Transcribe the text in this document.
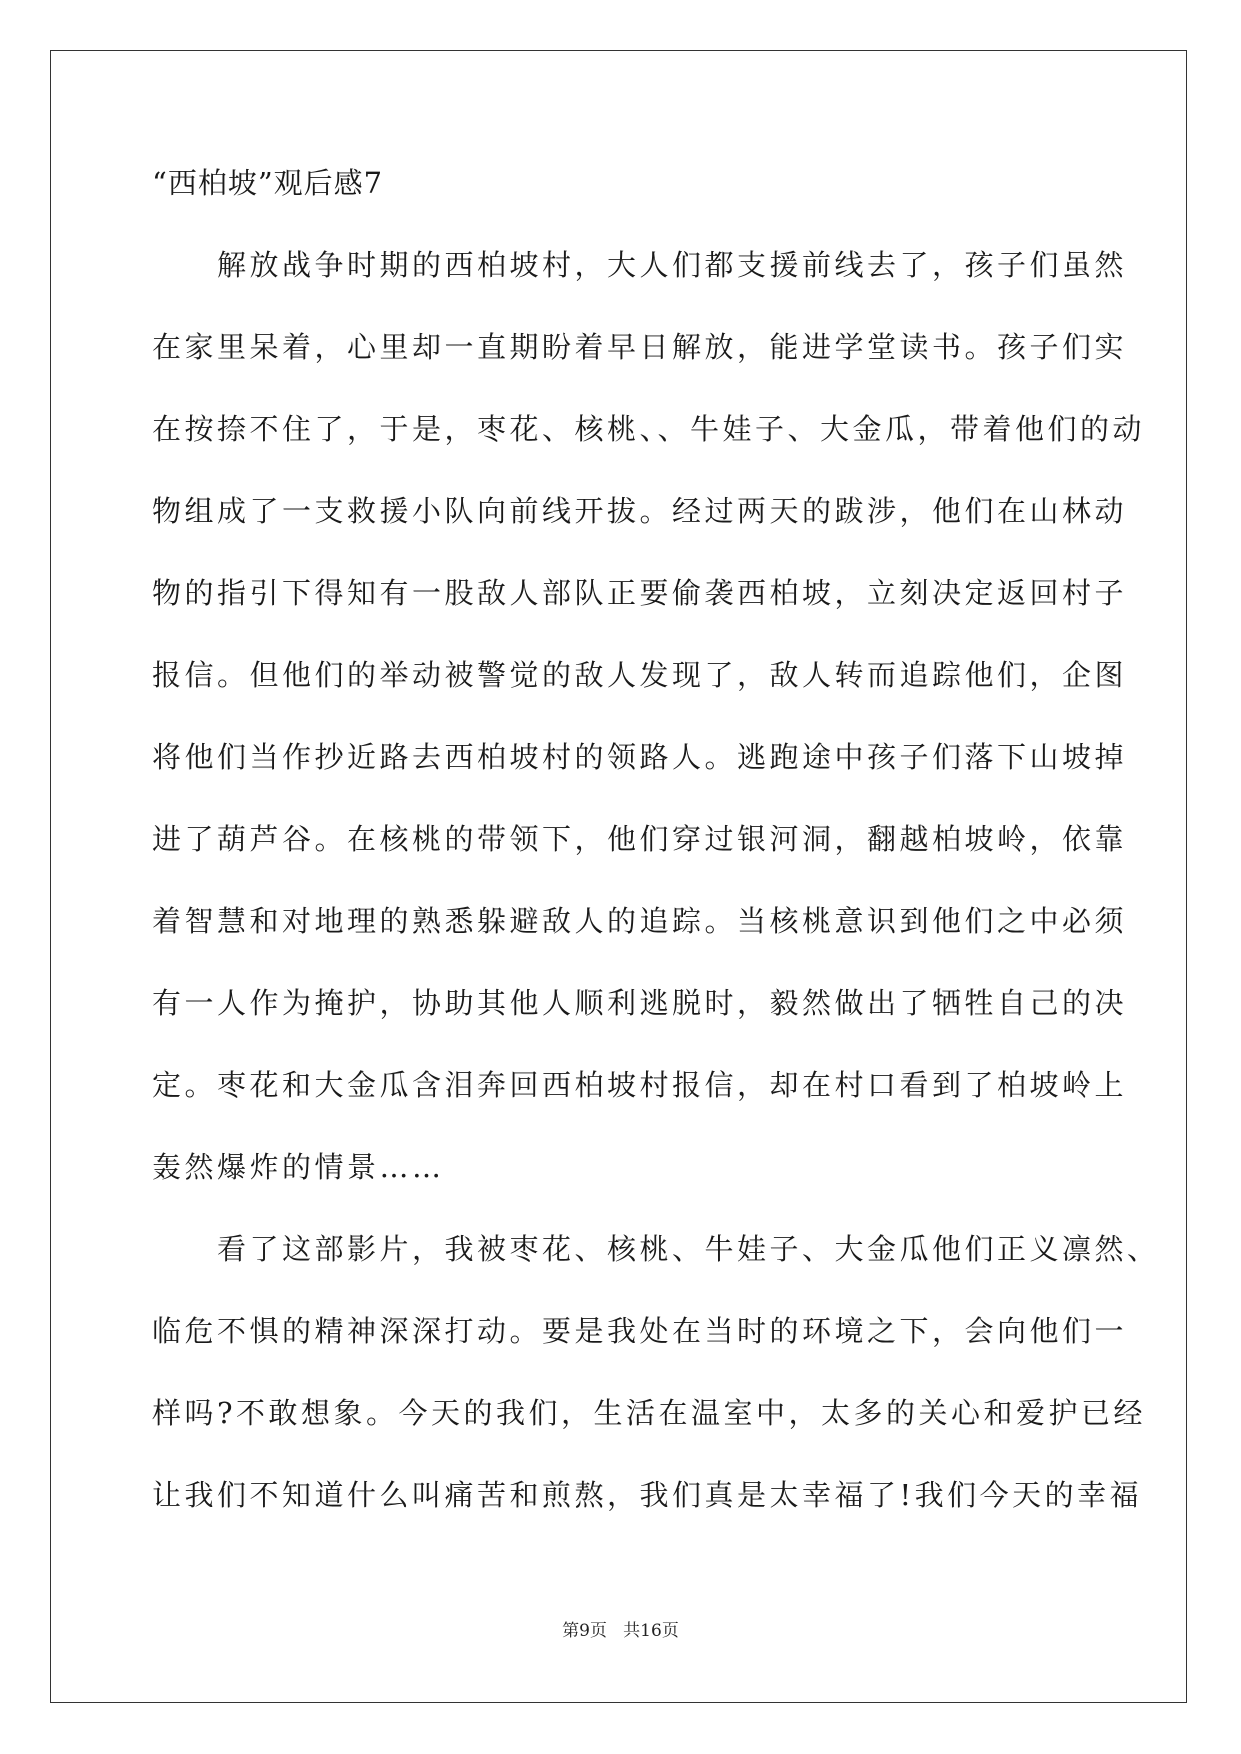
“西柏坡”观后感7
　　解放战争时期的西柏坡村，大人们都支援前线去了，孩子们虽然
在家里呆着，心里却一直期盼着早日解放，能进学堂读书。孩子们实
在按捺不住了，于是，枣花、核桃、、牛娃子、大金瓜，带着他们的动
物组成了一支救援小队向前线开拔。经过两天的跋涉，他们在山林动
物的指引下得知有一股敌人部队正要偷袭西柏坡，立刻决定返回村子
报信。但他们的举动被警觉的敌人发现了，敌人转而追踪他们，企图
将他们当作抄近路去西柏坡村的领路人。逃跑途中孩子们落下山坡掉
进了葫芦谷。在核桃的带领下，他们穿过银河洞，翻越柏坡岭，依靠
着智慧和对地理的熟悉躲避敌人的追踪。当核桃意识到他们之中必须
有一人作为掩护，协助其他人顺利逃脱时，毅然做出了牺牲自己的决
定。枣花和大金瓜含泪奔回西柏坡村报信，却在村口看到了柏坡岭上
轰然爆炸的情景……
　　看了这部影片，我被枣花、核桃、牛娃子、大金瓜他们正义凛然、
临危不惧的精神深深打动。要是我处在当时的环境之下，会向他们一
样吗?不敢想象。今天的我们，生活在温室中，太多的关心和爱护已经
让我们不知道什么叫痛苦和煎熬，我们真是太幸福了!我们今天的幸福
第9页   共16页
